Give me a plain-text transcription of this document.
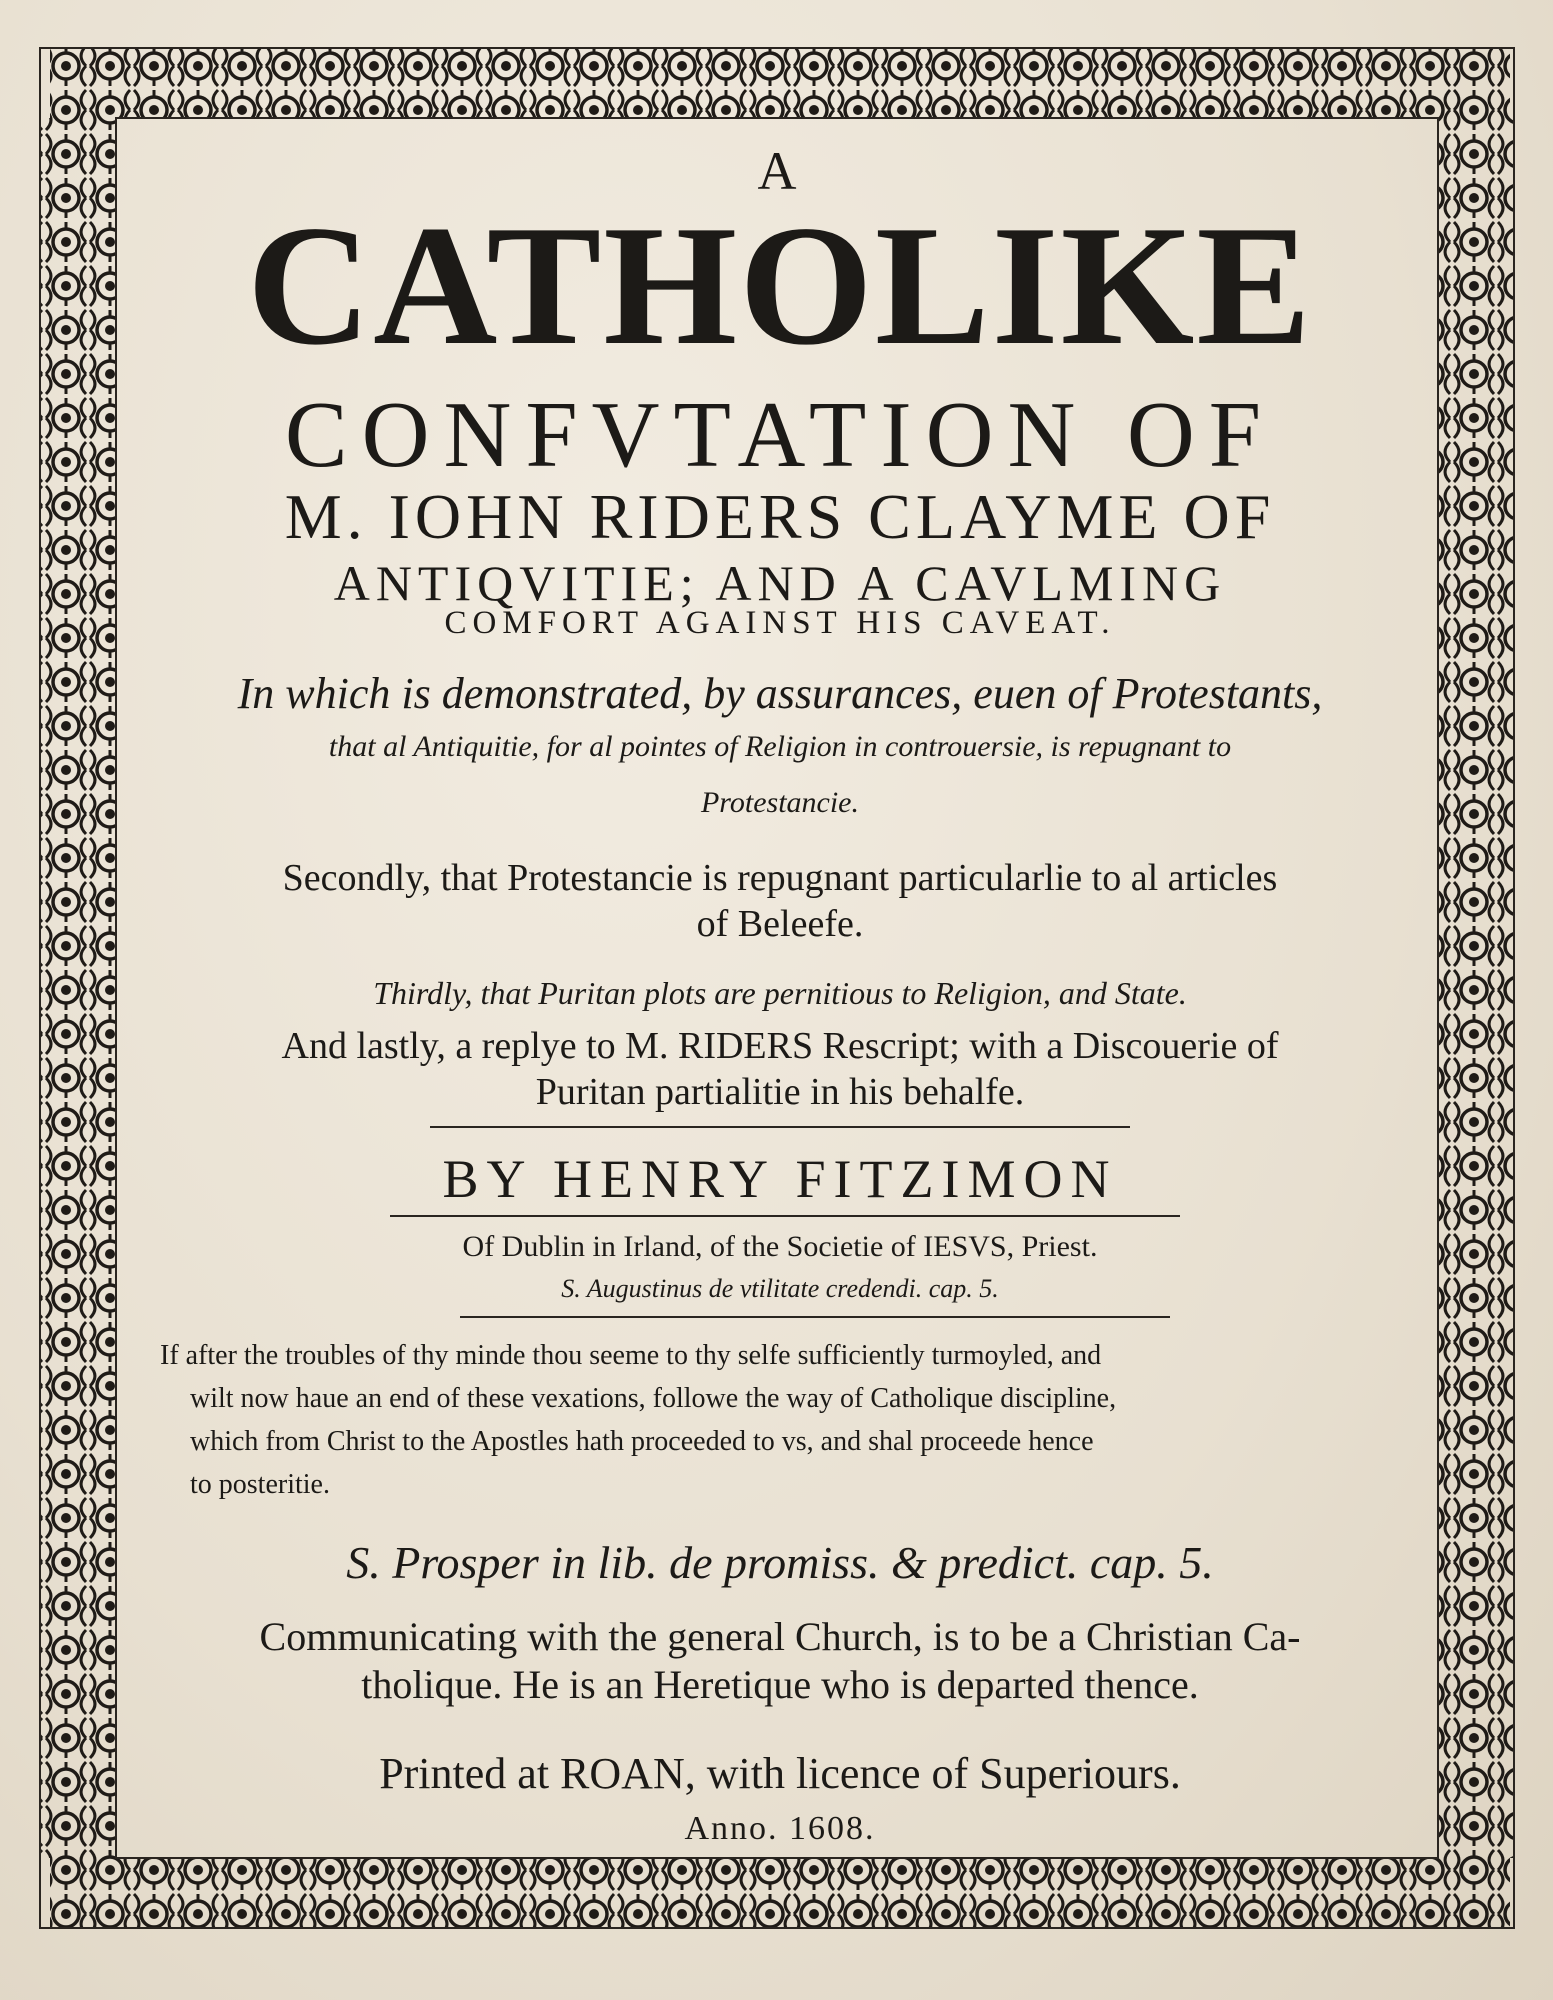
A
CATHOLIKE
CONFVTATION OF
M. IOHN RIDERS CLAYME OF
ANTIQVITIE; AND A CAVLMING
COMFORT AGAINST HIS CAVEAT.
In which is demonstrated, by assurances, euen of Protestants,
that al Antiquitie, for al pointes of Religion in controuersie, is repugnant to
Protestancie.
Secondly, that Protestancie is repugnant particularlie to al articles
of Beleefe.
Thirdly, that Puritan plots are pernitious to Religion, and State.
And lastly, a replye to M. RIDERS Rescript; with a Discouerie of
Puritan partialitie in his behalfe.
BY HENRY FITZIMON
Of Dublin in Irland, of the Societie of IESVS, Priest.
S. Augustinus de vtilitate credendi. cap. 5.
If after the troubles of thy minde thou seeme to thy selfe sufficiently turmoyled, and
wilt now haue an end of these vexations, followe the way of Catholique discipline,
which from Christ to the Apostles hath proceeded to vs, and shal proceede hence
to posteritie.
S. Prosper in lib. de promiss. & predict. cap. 5.
Communicating with the general Church, is to be a Christian Ca-
tholique. He is an Heretique who is departed thence.
Printed at ROAN, with licence of Superiours.
Anno. 1608.
